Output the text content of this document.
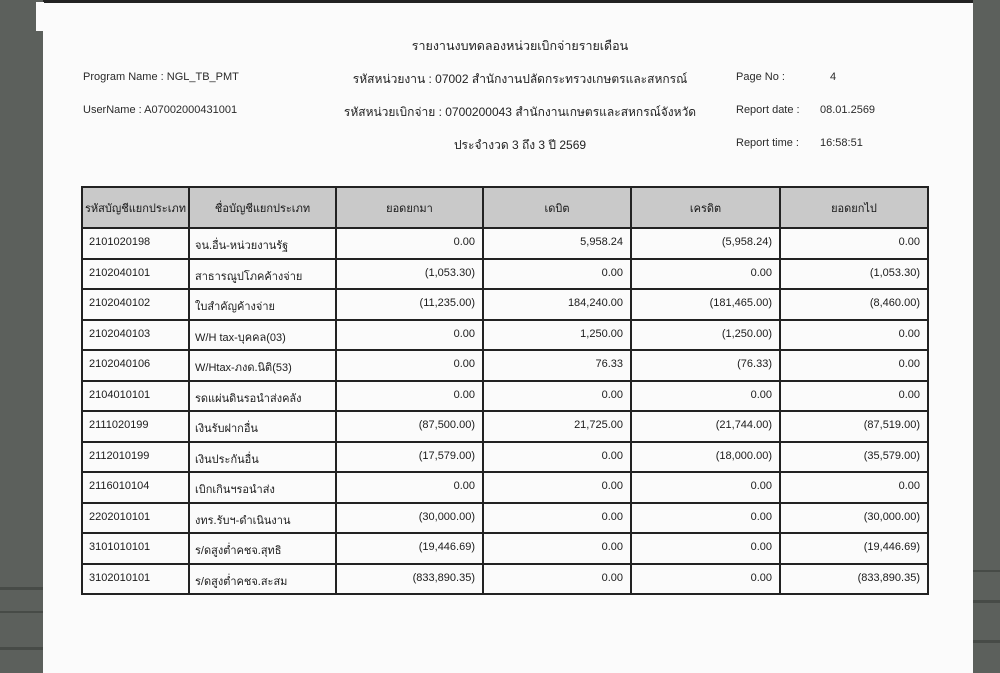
รายงานงบทดลองหน่วยเบิกจ่ายรายเดือน
รหัสหน่วยงาน : 07002 สำนักงานปลัดกระทรวงเกษตรและสหกรณ์
รหัสหน่วยเบิกจ่าย : 0700200043 สำนักงานเกษตรและสหกรณ์จังหวัด
ประจำงวด 3 ถึง 3 ปี 2569
Program Name : NGL_TB_PMT
UserName : A07002000431001
Page No :	4
Report date : 08.01.2569
Report time : 16:58:51
รหัสบัญชีแยกประเภท	ชื่อบัญชีแยกประเภท	ยอดยกมา	เดบิต	เครดิต	ยอดยกไป
2101020198	จน.อื่น-หน่วยงานรัฐ	0.00	5,958.24	(5,958.24)	0.00
2102040101	สาธารณูปโภคค้างจ่าย	(1,053.30)	0.00	0.00	(1,053.30)
2102040102	ใบสำคัญค้างจ่าย	(11,235.00)	184,240.00	(181,465.00)	(8,460.00)
2102040103	W/H tax-บุคคล(03)	0.00	1,250.00	(1,250.00)	0.00
2102040106	W/Htax-ภงด.นิติ(53)	0.00	76.33	(76.33)	0.00
2104010101	รดแผ่นดินรอนำส่งคลัง	0.00	0.00	0.00	0.00
2111020199	เงินรับฝากอื่น	(87,500.00)	21,725.00	(21,744.00)	(87,519.00)
2112010199	เงินประกันอื่น	(17,579.00)	0.00	(18,000.00)	(35,579.00)
2116010104	เบิกเกินฯรอนำส่ง	0.00	0.00	0.00	0.00
2202010101	งทร.รับฯ-ดำเนินงาน	(30,000.00)	0.00	0.00	(30,000.00)
3101010101	ร/ดสูงต่ำคชจ.สุทธิ	(19,446.69)	0.00	0.00	(19,446.69)
3102010101	ร/ดสูงต่ำคชจ.สะสม	(833,890.35)	0.00	0.00	(833,890.35)
